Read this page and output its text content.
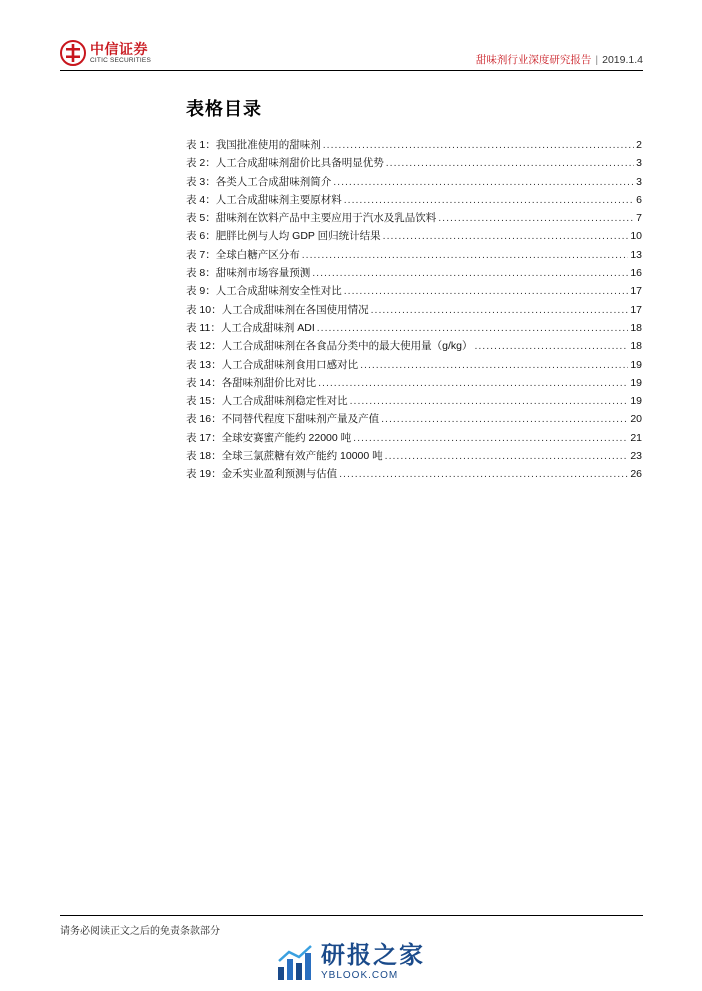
中信证券
CITIC SECURITIES	甜味剂行业深度研究报告 | 2019.1.4
表格目录
表 1： 我国批准使用的甜味剂 .....	2
表 2： 人工合成甜味剂甜价比具备明显优势 .....	3
表 3： 各类人工合成甜味剂简介 .....	3
表 4： 人工合成甜味剂主要原材料 .....	6
表 5： 甜味剂在饮料产品中主要应用于汽水及乳品饮料 .....	7
表 6： 肥胖比例与人均 GDP 回归统计结果 .....	10
表 7： 全球白糖产区分布 .....	13
表 8： 甜味剂市场容量预测 .....	16
表 9： 人工合成甜味剂安全性对比 .....	17
表 10： 人工合成甜味剂在各国使用情况 .....	17
表 11： 人工合成甜味剂 ADI .....	18
表 12： 人工合成甜味剂在各食品分类中的最大使用量（g/kg） .....	18
表 13： 人工合成甜味剂食用口感对比 .....	19
表 14： 各甜味剂甜价比对比 .....	19
表 15： 人工合成甜味剂稳定性对比 .....	19
表 16： 不同替代程度下甜味剂产量及产值 .....	20
表 17： 全球安赛蜜产能约 22000 吨 .....	21
表 18： 全球三氯蔗糖有效产能约 10000 吨 .....	23
表 19： 金禾实业盈利预测与估值 .....	26
请务必阅读正文之后的免责条款部分
研报之家
YBLOOK.COM
